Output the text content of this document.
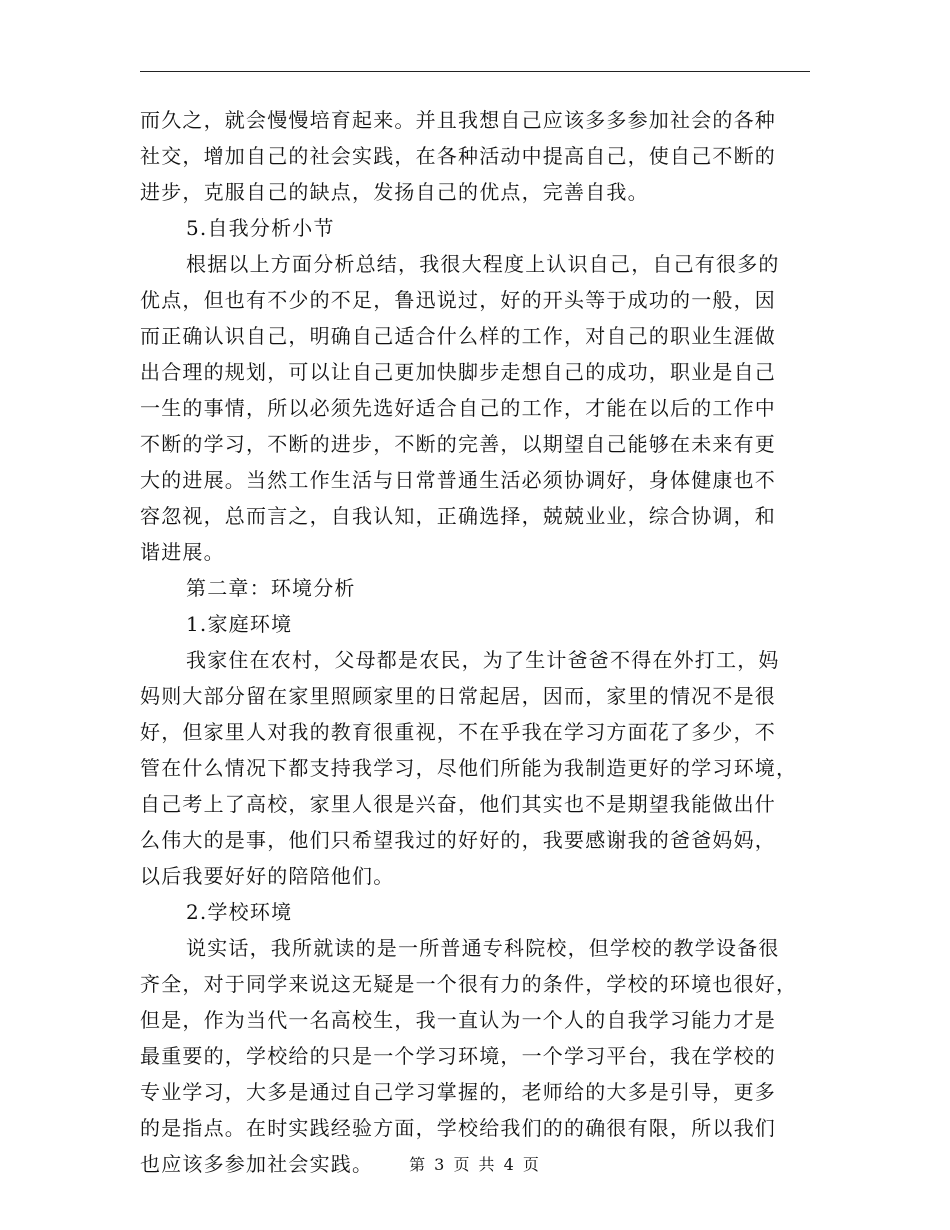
而久之，就会慢慢培育起来。并且我想自己应该多多参加社会的各种
社交，增加自己的社会实践，在各种活动中提高自己，使自己不断的
进步，克服自己的缺点，发扬自己的优点，完善自我。
5.自我分析小节
根据以上方面分析总结，我很大程度上认识自己，自己有很多的
优点，但也有不少的不足，鲁迅说过，好的开头等于成功的一般，因
而正确认识自己，明确自己适合什么样的工作，对自己的职业生涯做
出合理的规划，可以让自己更加快脚步走想自己的成功，职业是自己
一生的事情，所以必须先选好适合自己的工作，才能在以后的工作中
不断的学习，不断的进步，不断的完善，以期望自己能够在未来有更
大的进展。当然工作生活与日常普通生活必须协调好，身体健康也不
容忽视，总而言之，自我认知，正确选择，兢兢业业，综合协调，和
谐进展。
第二章：环境分析
1.家庭环境
我家住在农村，父母都是农民，为了生计爸爸不得在外打工，妈
妈则大部分留在家里照顾家里的日常起居，因而，家里的情况不是很
好，但家里人对我的教育很重视，不在乎我在学习方面花了多少，不
管在什么情况下都支持我学习，尽他们所能为我制造更好的学习环境，
自己考上了高校，家里人很是兴奋，他们其实也不是期望我能做出什
么伟大的是事，他们只希望我过的好好的，我要感谢我的爸爸妈妈，
以后我要好好的陪陪他们。
2.学校环境
说实话，我所就读的是一所普通专科院校，但学校的教学设备很
齐全，对于同学来说这无疑是一个很有力的条件，学校的环境也很好，
但是，作为当代一名高校生，我一直认为一个人的自我学习能力才是
最重要的，学校给的只是一个学习环境，一个学习平台，我在学校的
专业学习，大多是通过自己学习掌握的，老师给的大多是引导，更多
的是指点。在时实践经验方面，学校给我们的的确很有限，所以我们
也应该多参加社会实践。	第 3 页 共 4 页
